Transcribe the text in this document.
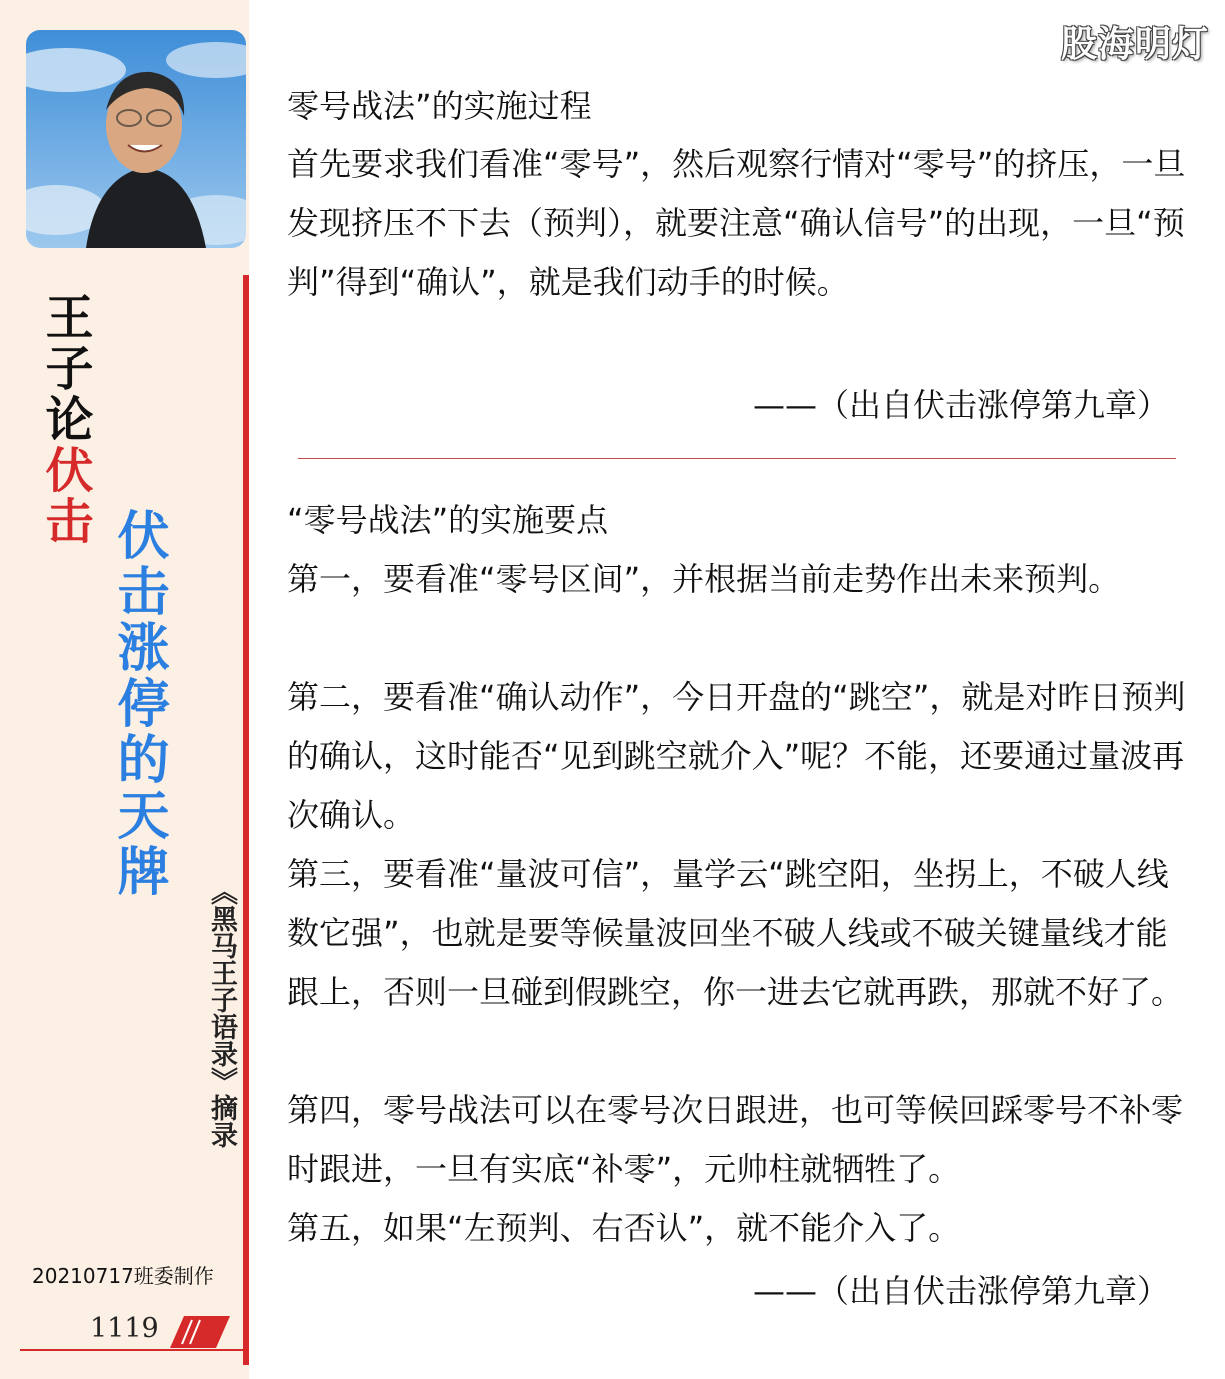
王子论伏击
伏击涨停的天牌
《黑马王子语录》摘录
20210717班委制作
1119
股海明灯
零号战法”的实施过程

首先要求我们看准“零号”，然后观察行情对“零号”的挤压，一旦发现挤压不下去（预判），就要注意“确认信号”的出现，一旦“预判”得到“确认”，就是我们动手的时候。

——（出自伏击涨停第九章）
“零号战法”的实施要点

第一，要看准“零号区间”，并根据当前走势作出未来预判。

第二，要看准“确认动作”，今日开盘的“跳空”，就是对昨日预判的确认，这时能否“见到跳空就介入”呢？不能，还要通过量波再次确认。

第三，要看准“量波可信”，量学云“跳空阳，坐拐上，不破人线数它强”，也就是要等候量波回坐不破人线或不破关键量线才能跟上，否则一旦碰到假跳空，你一进去它就再跌，那就不好了。

第四，零号战法可以在零号次日跟进，也可等候回踩零号不补零时跟进，一旦有实底“补零”，元帅柱就牺牲了。

第五，如果“左预判、右否认”，就不能介入了。

——（出自伏击涨停第九章）
